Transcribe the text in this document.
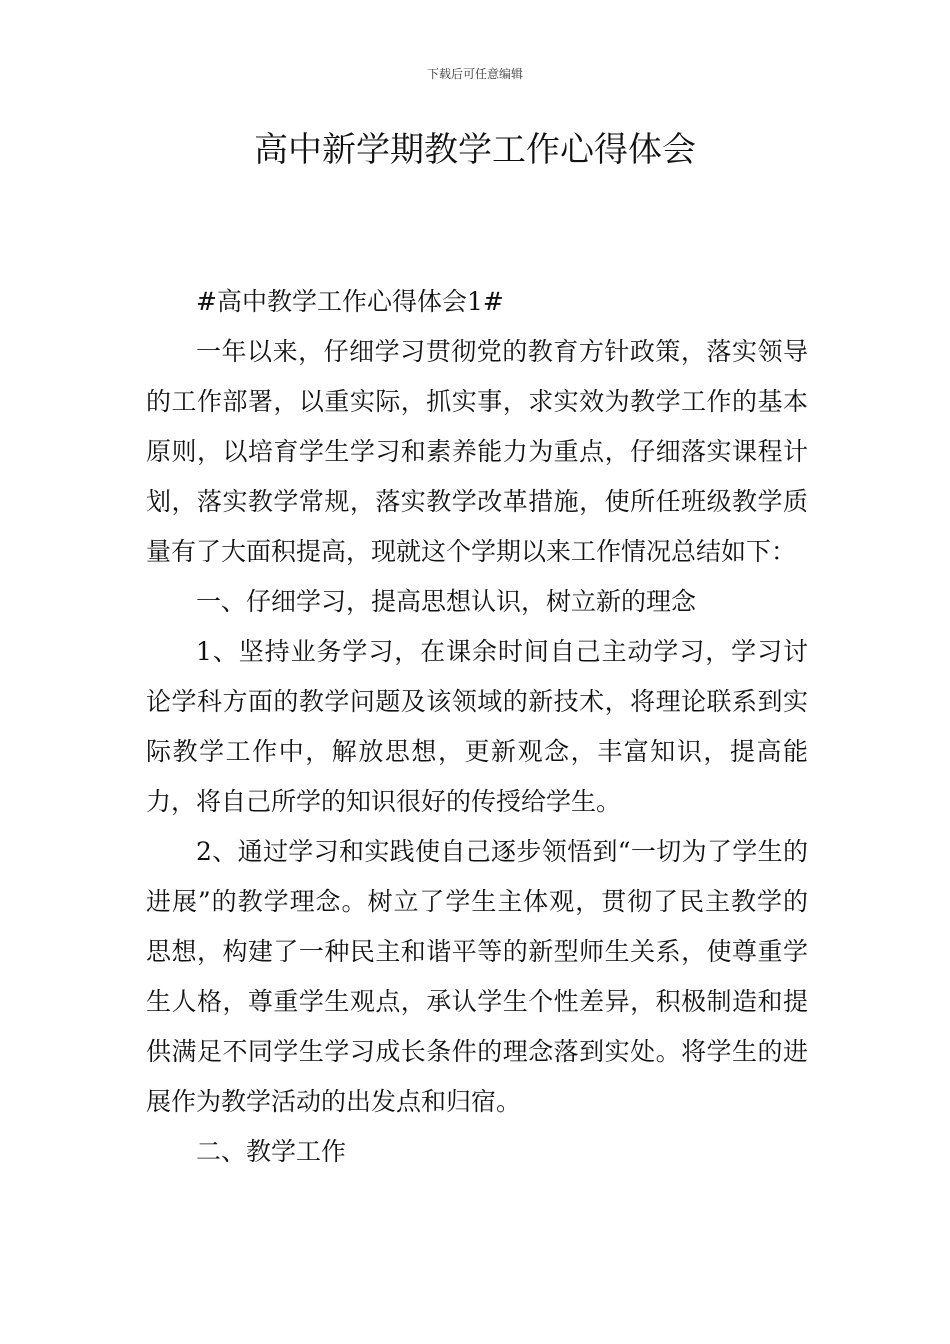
下载后可任意编辑
高中新学期教学工作心得体会

#高中教学工作心得体会1#

一年以来，仔细学习贯彻党的教育方针政策，落实领导的工作部署，以重实际，抓实事，求实效为教学工作的基本原则，以培育学生学习和素养能力为重点，仔细落实课程计划，落实教学常规，落实教学改革措施，使所任班级教学质量有了大面积提高，现就这个学期以来工作情况总结如下：

一、仔细学习，提高思想认识，树立新的理念

1、坚持业务学习，在课余时间自己主动学习，学习讨论学科方面的教学问题及该领域的新技术，将理论联系到实际教学工作中，解放思想，更新观念，丰富知识，提高能力，将自己所学的知识很好的传授给学生。

2、通过学习和实践使自己逐步领悟到“一切为了学生的进展”的教学理念。树立了学生主体观，贯彻了民主教学的思想，构建了一种民主和谐平等的新型师生关系，使尊重学生人格，尊重学生观点，承认学生个性差异，积极制造和提供满足不同学生学习成长条件的理念落到实处。将学生的进展作为教学活动的出发点和归宿。

二、教学工作
